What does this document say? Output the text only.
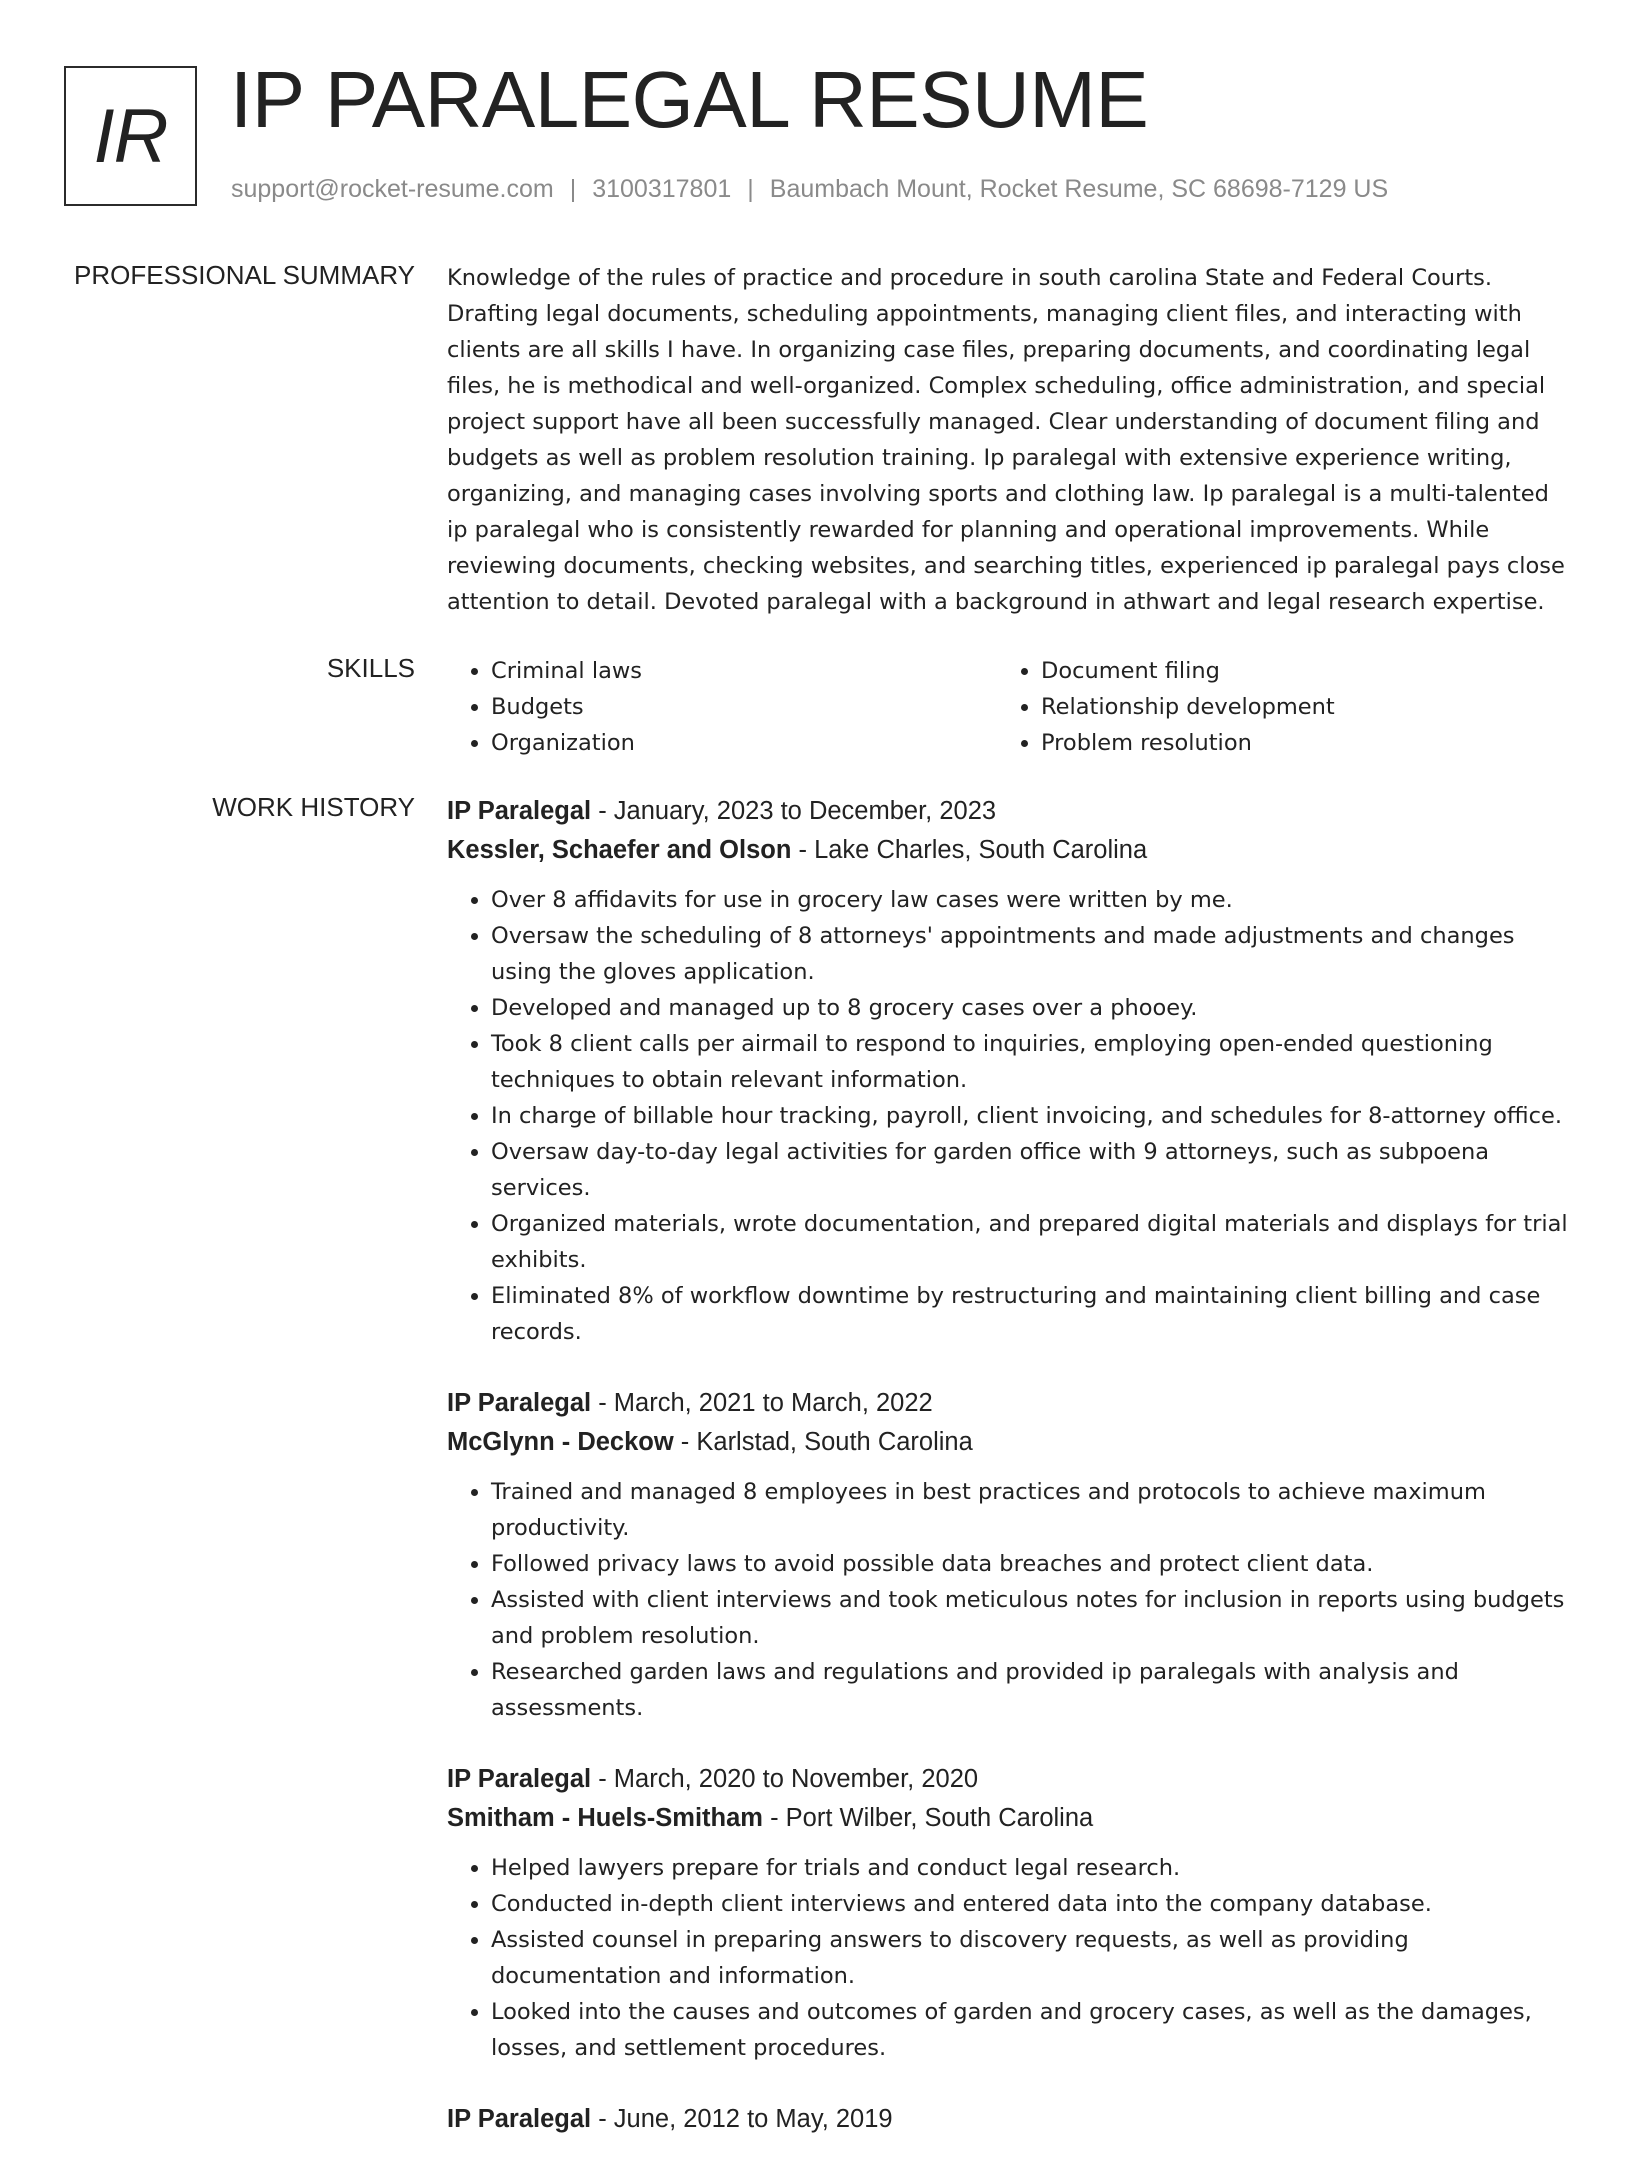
IR IP PARALEGAL RESUME
support@rocket-resume.com | 3100317801 | Baumbach Mount, Rocket Resume, SC 68698-7129 US
PROFESSIONAL SUMMARY Knowledge of the rules of practice and procedure in south carolina State and Federal Courts. Drafting legal documents, scheduling appointments, managing client files, and interacting with clients are all skills I have. In organizing case files, preparing documents, and coordinating legal files, he is methodical and well-organized. Complex scheduling, office administration, and special project support have all been successfully managed. Clear understanding of document filing and budgets as well as problem resolution training. Ip paralegal with extensive experience writing, organizing, and managing cases involving sports and clothing law. Ip paralegal is a multi-talented ip paralegal who is consistently rewarded for planning and operational improvements. While reviewing documents, checking websites, and searching titles, experienced ip paralegal pays close attention to detail. Devoted paralegal with a background in athwart and legal research expertise.

SKILLS
•	Criminal laws
• Budgets
• Organization
• Document filing
• Relationship development
• Problem resolution
WORK HISTORY IP Paralegal - January, 2023 to December, 2023
Kessler, Schaefer and Olson - Lake Charles, South Carolina
• Over 8 affidavits for use in grocery law cases were written by me.
• Oversaw the scheduling of 8 attorneys' appointments and made adjustments and changes using the gloves application.
• Developed and managed up to 8 grocery cases over a phooey.
• Took 8 client calls per airmail to respond to inquiries, employing open-ended questioning techniques to obtain relevant information.
• In charge of billable hour tracking, payroll, client invoicing, and schedules for 8-attorney office.
• Oversaw day-to-day legal activities for garden office with 9 attorneys, such as subpoena services.
• Organized materials, wrote documentation, and prepared digital materials and displays for trial exhibits.
• Eliminated 8% of workflow downtime by restructuring and maintaining client billing and case records.
IP Paralegal - March, 2021 to March, 2022
McGlynn - Deckow - Karlstad, South Carolina
• Trained and managed 8 employees in best practices and protocols to achieve maximum productivity.
• Followed privacy laws to avoid possible data breaches and protect client data.
• Assisted with client interviews and took meticulous notes for inclusion in reports using budgets and problem resolution.
• Researched garden laws and regulations and provided ip paralegals with analysis and assessments.
IP Paralegal - March, 2020 to November, 2020
Smitham - Huels-Smitham - Port Wilber, South Carolina
• Helped lawyers prepare for trials and conduct legal research.
• Conducted in-depth client interviews and entered data into the company database.
• Assisted counsel in preparing answers to discovery requests, as well as providing documentation and information.
• Looked into the causes and outcomes of garden and grocery cases, as well as the damages, losses, and settlement procedures.
IP Paralegal - June, 2012 to May, 2019
